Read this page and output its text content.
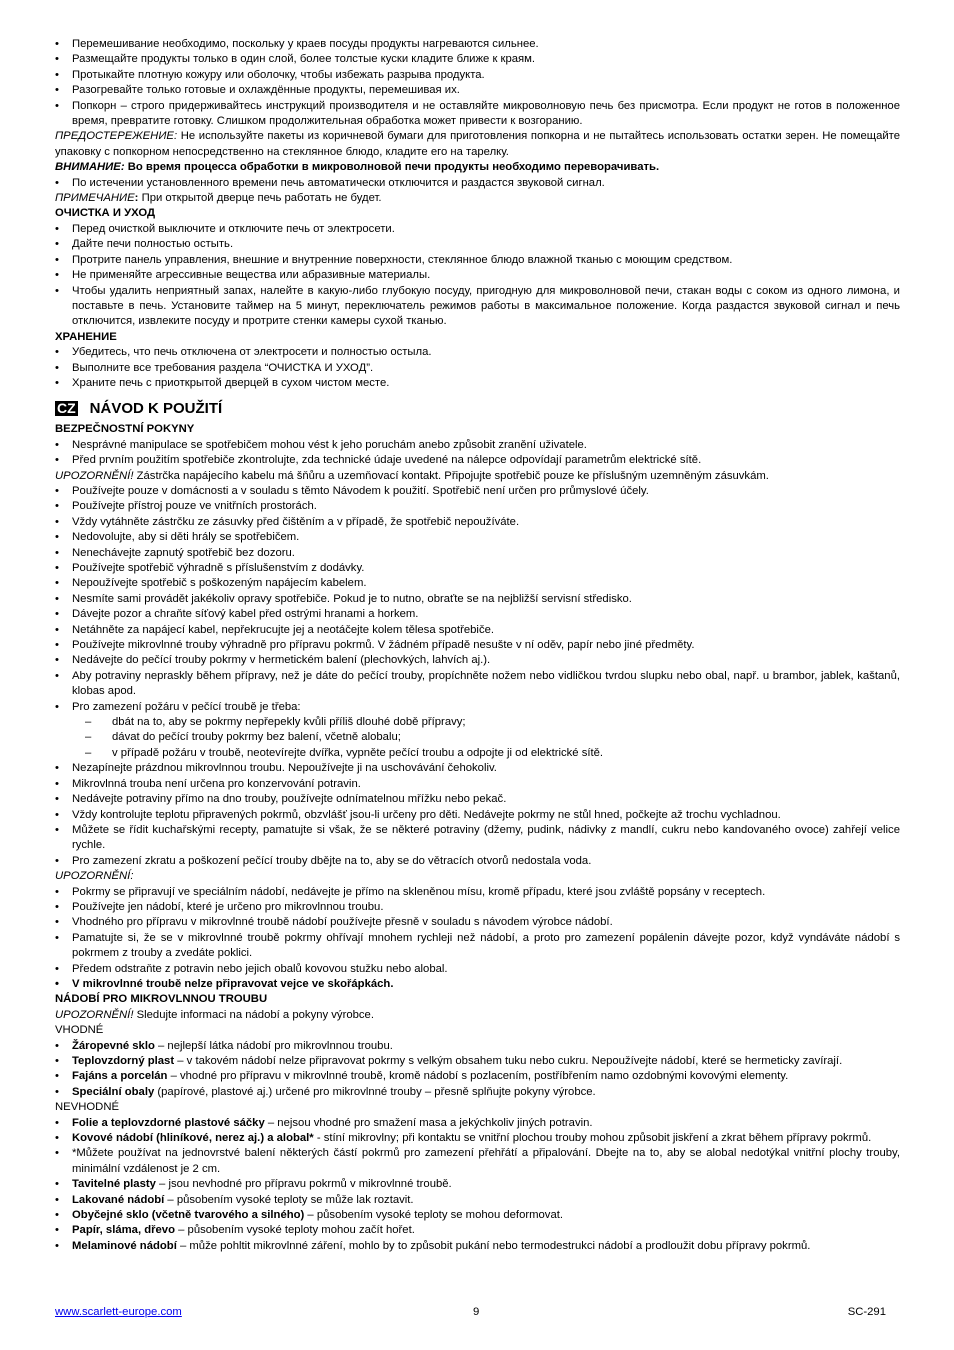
• Перемешивание необходимо, поскольку у краев посуды продукты нагреваются сильнее.
• Размещайте продукты только в один слой, более толстые куски кладите ближе к краям.
• Протыкайте плотную кожуру или оболочку, чтобы избежать разрыва продукта.
• Разогревайте только готовые и охлаждённые продукты, перемешивая их.
• Попкорн – строго придерживайтесь инструкций производителя и не оставляйте микроволновую печь без присмотра. Если продукт не готов в положенное время, превратите готовку. Слишком продолжительная обработка может привести к возгоранию.
ПРЕДОСТЕРЕЖЕНИЕ: Не используйте пакеты из коричневой бумаги для приготовления попкорна и не пытайтесь использовать остатки зерен. Не помещайте упаковку с попкорном непосредственно на стеклянное блюдо, кладите его на тарелку.
ВНИМАНИЕ: Во время процесса обработки в микроволновой печи продукты необходимо переворачивать.
• По истечении установленного времени печь автоматически отключится и раздастся звуковой сигнал.
ПРИМЕЧАНИЕ: При открытой дверце печь работать не будет.
ОЧИСТКА И УХОД
• Перед очисткой выключите и отключите печь от электросети.
• Дайте печи полностью остыть.
• Протрите панель управления, внешние и внутренние поверхности, стеклянное блюдо влажной тканью с моющим средством.
• Не применяйте агрессивные вещества или абразивные материалы.
• Чтобы удалить неприятный запах, налейте в какую-либо глубокую посуду, пригодную для микроволновой печи, стакан воды с соком из одного лимона, и поставьте в печь. Установите таймер на 5 минут, переключатель режимов работы в максимальное положение. Когда раздастся звуковой сигнал и печь отключится, извлеките посуду и протрите стенки камеры сухой тканью.
ХРАНЕНИЕ
• Убедитесь, что печь отключена от электросети и полностью остыла.
• Выполните все требования раздела “ОЧИСТКА И УХОД”.
• Храните печь с приоткрытой дверцей в сухом чистом месте.
CZ NÁVOD K POUŽITÍ
BEZPEČNOSTNÍ POKYNY
• Nesprávné manipulace se spotřebičem mohou vést k jeho poruchám anebo způsobit zranění uživatele.
• Před prvním použitím spotřebiče zkontrolujte, zda technické údaje uvedené na nálepce odpovídají parametrům elektrické sítě.
UPOZORNĚNÍ! Zástrčka napájecího kabelu má šňůru a uzemňovací kontakt. Připojujte spotřebič pouze ke příslušným uzemněným zásuvkám.
• Používejte pouze v domácnosti a v souladu s těmto Návodem k použití. Spotřebič není určen pro průmyslové účely.
• Používejte přístroj pouze ve vnitřních prostorách.
• Vždy vytáhněte zástrčku ze zásuvky před čištěním a v případě, že spotřebič nepoužíváte.
• Nedovolujte, aby si děti hrály se spotřebičem.
• Nenechávejte zapnutý spotřebič bez dozoru.
• Používejte spotřebič výhradně s příslušenstvím z dodávky.
• Nepoužívejte spotřebič s poškozeným napájecím kabelem.
• Nesmíte sami provádět jakékoliv opravy spotřebiče. Pokud je to nutno, obraťte se na nejbližší servisní středisko.
• Dávejte pozor a chraňte síťový kabel před ostrými hranami a horkem.
• Netáhněte za napájecí kabel, nepřekrucujte jej a neotáčejte kolem tělesa spotřebiče.
• Používejte mikrovlnné trouby výhradně pro přípravu pokrmů. V žádném případě nesušte v ní oděv, papír nebo jiné předměty.
• Nedávejte do pečící trouby pokrmy v hermetickém balení (plechovkých, lahvích aj.).
• Aby potraviny nepraskly během přípravy, než je dáte do pečící trouby, propíchněte nožem nebo vidličkou tvrdou slupku nebo obal, např. u brambor, jablek, kaštanů, klobas apod.
• Pro zamezení požáru v pečící troubě je třeba:
– dbát na to, aby se pokrmy nepřepekly kvůli příliš dlouhé době přípravy;
– dávat do pečící trouby pokrmy bez balení, včetně alobalu;
– v případě požáru v troubě, neotevírejte dvířka, vypněte pečící troubu a odpojte ji od elektrické sítě.
• Nezapínejte prázdnou mikrovlnnou troubu. Nepoužívejte ji na uschovávání čehokoliv.
• Mikrovlnná trouba není určena pro konzervování potravin.
• Nedávejte potraviny přímo na dno trouby, používejte odnímatelnou mřížku nebo pekač.
• Vždy kontrolujte teplotu připravených pokrmů, obzvlášť jsou-li určeny pro děti. Nedávejte pokrmy ne stůl hned, počkejte až trochu vychladnou.
• Můžete se řídit kuchařskými recepty, pamatujte si však, že se některé potraviny (džemy, pudink, nádivky z mandlí, cukru nebo kandovaného ovoce) zahřejí velice rychle.
• Pro zamezení zkratu a poškození pečící trouby dbějte na to, aby se do větracích otvorů nedostala voda.
UPOZORNĚNÍ:
• Pokrmy se připravují ve speciálním nádobí, nedávejte je přímo na skleněnou mísu, kromě případu, které jsou zvláště popsány v receptech.
• Používejte jen nádobí, které je určeno pro mikrovlnnou troubu.
• Vhodného pro přípravu v mikrovlnné troubě nádobí používejte přesně v souladu s návodem výrobce nádobí.
• Pamatujte si, že se v mikrovlnné troubě pokrmy ohřívají mnohem rychleji než nádobí, a proto pro zamezení popálenin dávejte pozor, když vyndáváte nádobí s pokrmem z trouby a zvedáte poklici.
• Předem odstraňte z potravin nebo jejich obalů kovovou stužku nebo alobal.
• V mikrovlnné troubě nelze připravovat vejce ve skořápkách.
NÁDOBÍ PRO MIKROVLNNOU TROUBU
UPOZORNĚNÍ! Sledujte informaci na nádobí a pokyny výrobce.
VHODNÉ
• Žáropevné sklo – nejlepší látka nádobí pro mikrovlnnou troubu.
• Teplovzdorný plast – v takovém nádobí nelze připravovat pokrmy s velkým obsahem tuku nebo cukru. Nepoužívejte nádobí, které se hermeticky zavírají.
• Fajáns a porcelán – vhodné pro přípravu v mikrovlnné troubě, kromě nádobí s pozlacením, postříbřením namo ozdobnými kovovými elementy.
• Speciální obaly (papírové, plastové aj.) určené pro mikrovlnné trouby – přesně splňujte pokyny výrobce.
NEVHODNÉ
• Folie a teplovzdorné plastové sáčky – nejsou vhodné pro smažení masa a jekýchkoliv jiných potravin.
• Kovové nádobí (hliníkové, nerez aj.) a alobal* - stíní mikrovlny; při kontaktu se vnitřní plochou trouby mohou způsobit jiskření a zkrat během přípravy pokrmů.
• *Můžete používat na jednovrstvé balení některých částí pokrmů pro zamezení přehřátí a připalování. Dbejte na to, aby se alobal nedotýkal vnitřní plochy trouby, minimální vzdálenost je 2 cm.
• Tavitelné plasty – jsou nevhodné pro přípravu pokrmů v mikrovlnné troubě.
• Lakované nádobí – působením vysoké teploty se může lak roztavit.
• Obyčejné sklo (včetně tvarového a silného) – působením vysoké teploty se mohou deformovat.
• Papír, sláma, dřevo – působením vysoké teploty mohou začít hořet.
• Melaminové nádobí – může pohltit mikrovlnné záření, mohlo by to způsobit pukání nebo termodestrukci nádobí a prodloužit dobu přípravy pokrmů.
www.scarlett-europe.com	9	SC-291
